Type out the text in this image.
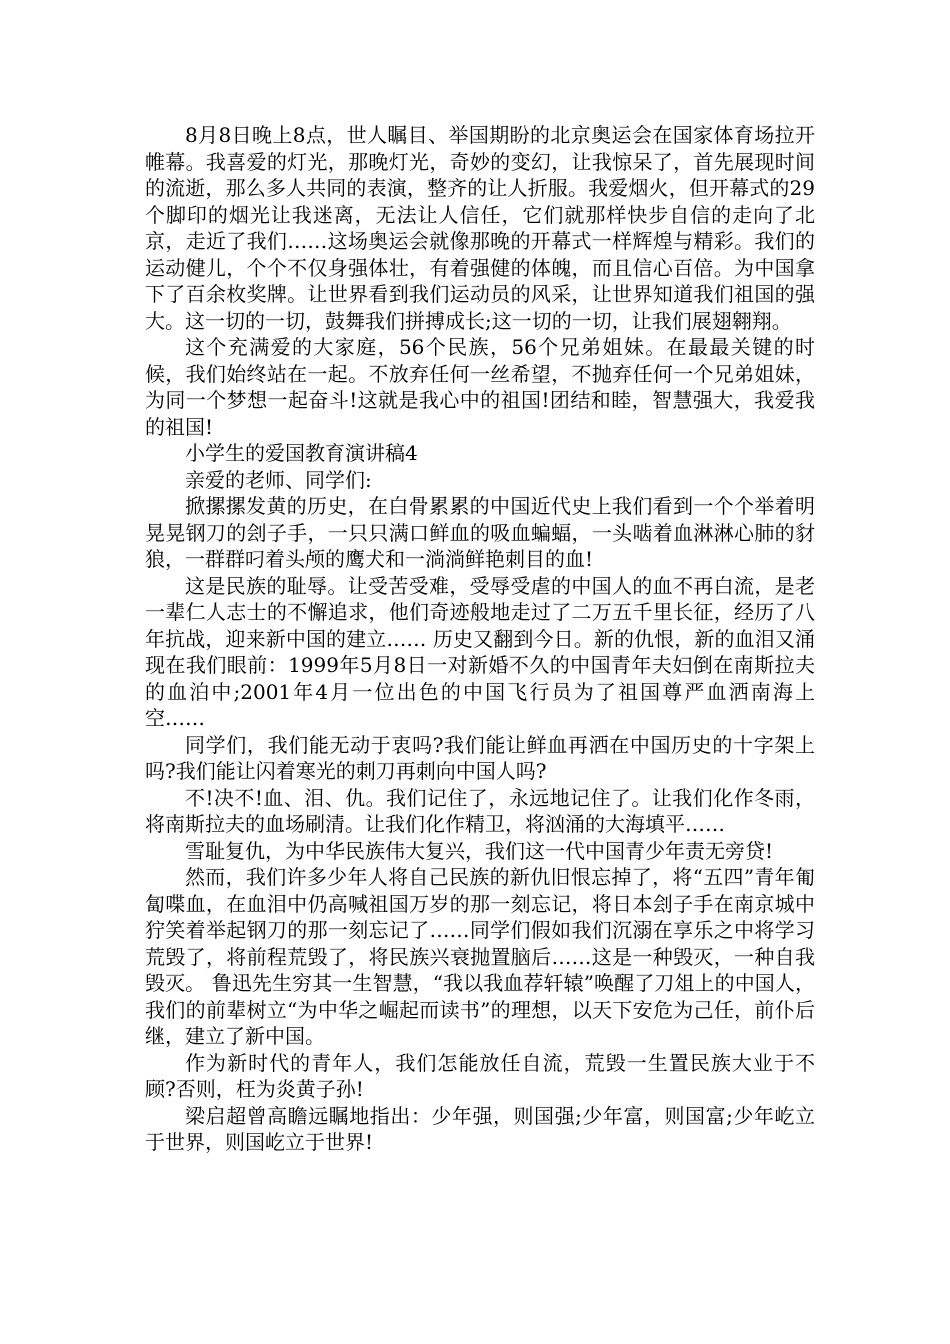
8月8日晚上8点，世人瞩目、举国期盼的北京奥运会在国家体育场拉开帷幕。我喜爱的灯光，那晚灯光，奇妙的变幻，让我惊呆了，首先展现时间的流逝，那么多人共同的表演，整齐的让人折服。我爱烟火，但开幕式的29个脚印的烟光让我迷离，无法让人信任，它们就那样快步自信的走向了北京，走近了我们……这场奥运会就像那晚的开幕式一样辉煌与精彩。我们的运动健儿，个个不仅身强体壮，有着强健的体魄，而且信心百倍。为中国拿下了百余枚奖牌。让世界看到我们运动员的风采，让世界知道我们祖国的强大。这一切的一切，鼓舞我们拼搏成长;这一切的一切，让我们展翅翱翔。

这个充满爱的大家庭，56个民族，56个兄弟姐妹。在最最关键的时候，我们始终站在一起。不放弃任何一丝希望，不抛弃任何一个兄弟姐妹，为同一个梦想一起奋斗!这就是我心中的祖国!团结和睦，智慧强大，我爱我的祖国!

小学生的爱国教育演讲稿4

亲爱的老师、同学们:

掀摞摞发黄的历史，在白骨累累的中国近代史上我们看到一个个举着明晃晃钢刀的刽子手，一只只满口鲜血的吸血蝙蝠，一头啮着血淋淋心肺的豺狼，一群群叼着头颅的鹰犬和一淌淌鲜艳刺目的血!

这是民族的耻辱。让受苦受难，受辱受虐的中国人的血不再白流，是老一辈仁人志士的不懈追求，他们奇迹般地走过了二万五千里长征，经历了八年抗战，迎来新中国的建立…… 历史又翻到今日。新的仇恨，新的血泪又涌现在我们眼前：1999年5月8日一对新婚不久的中国青年夫妇倒在南斯拉夫的血泊中;2001年4月一位出色的中国飞行员为了祖国尊严血洒南海上空……

同学们，我们能无动于衷吗?我们能让鲜血再洒在中国历史的十字架上吗?我们能让闪着寒光的刺刀再刺向中国人吗?

不!决不!血、泪、仇。我们记住了，永远地记住了。让我们化作冬雨，将南斯拉夫的血场刷清。让我们化作精卫，将汹涌的大海填平……

雪耻复仇，为中华民族伟大复兴，我们这一代中国青少年责无旁贷!

然而，我们许多少年人将自己民族的新仇旧恨忘掉了，将“五四”青年匍匐喋血，在血泪中仍高喊祖国万岁的那一刻忘记，将日本刽子手在南京城中狞笑着举起钢刀的那一刻忘记了……同学们假如我们沉溺在享乐之中将学习荒毁了，将前程荒毁了，将民族兴衰抛置脑后……这是一种毁灭，一种自我毁灭。 鲁迅先生穷其一生智慧，“我以我血荐轩辕”唤醒了刀俎上的中国人，我们的前辈树立“为中华之崛起而读书”的理想，以天下安危为己任，前仆后继，建立了新中国。

作为新时代的青年人，我们怎能放任自流，荒毁一生置民族大业于不顾?否则，枉为炎黄子孙!

梁启超曾高瞻远瞩地指出：少年强，则国强;少年富，则国富;少年屹立于世界，则国屹立于世界!
